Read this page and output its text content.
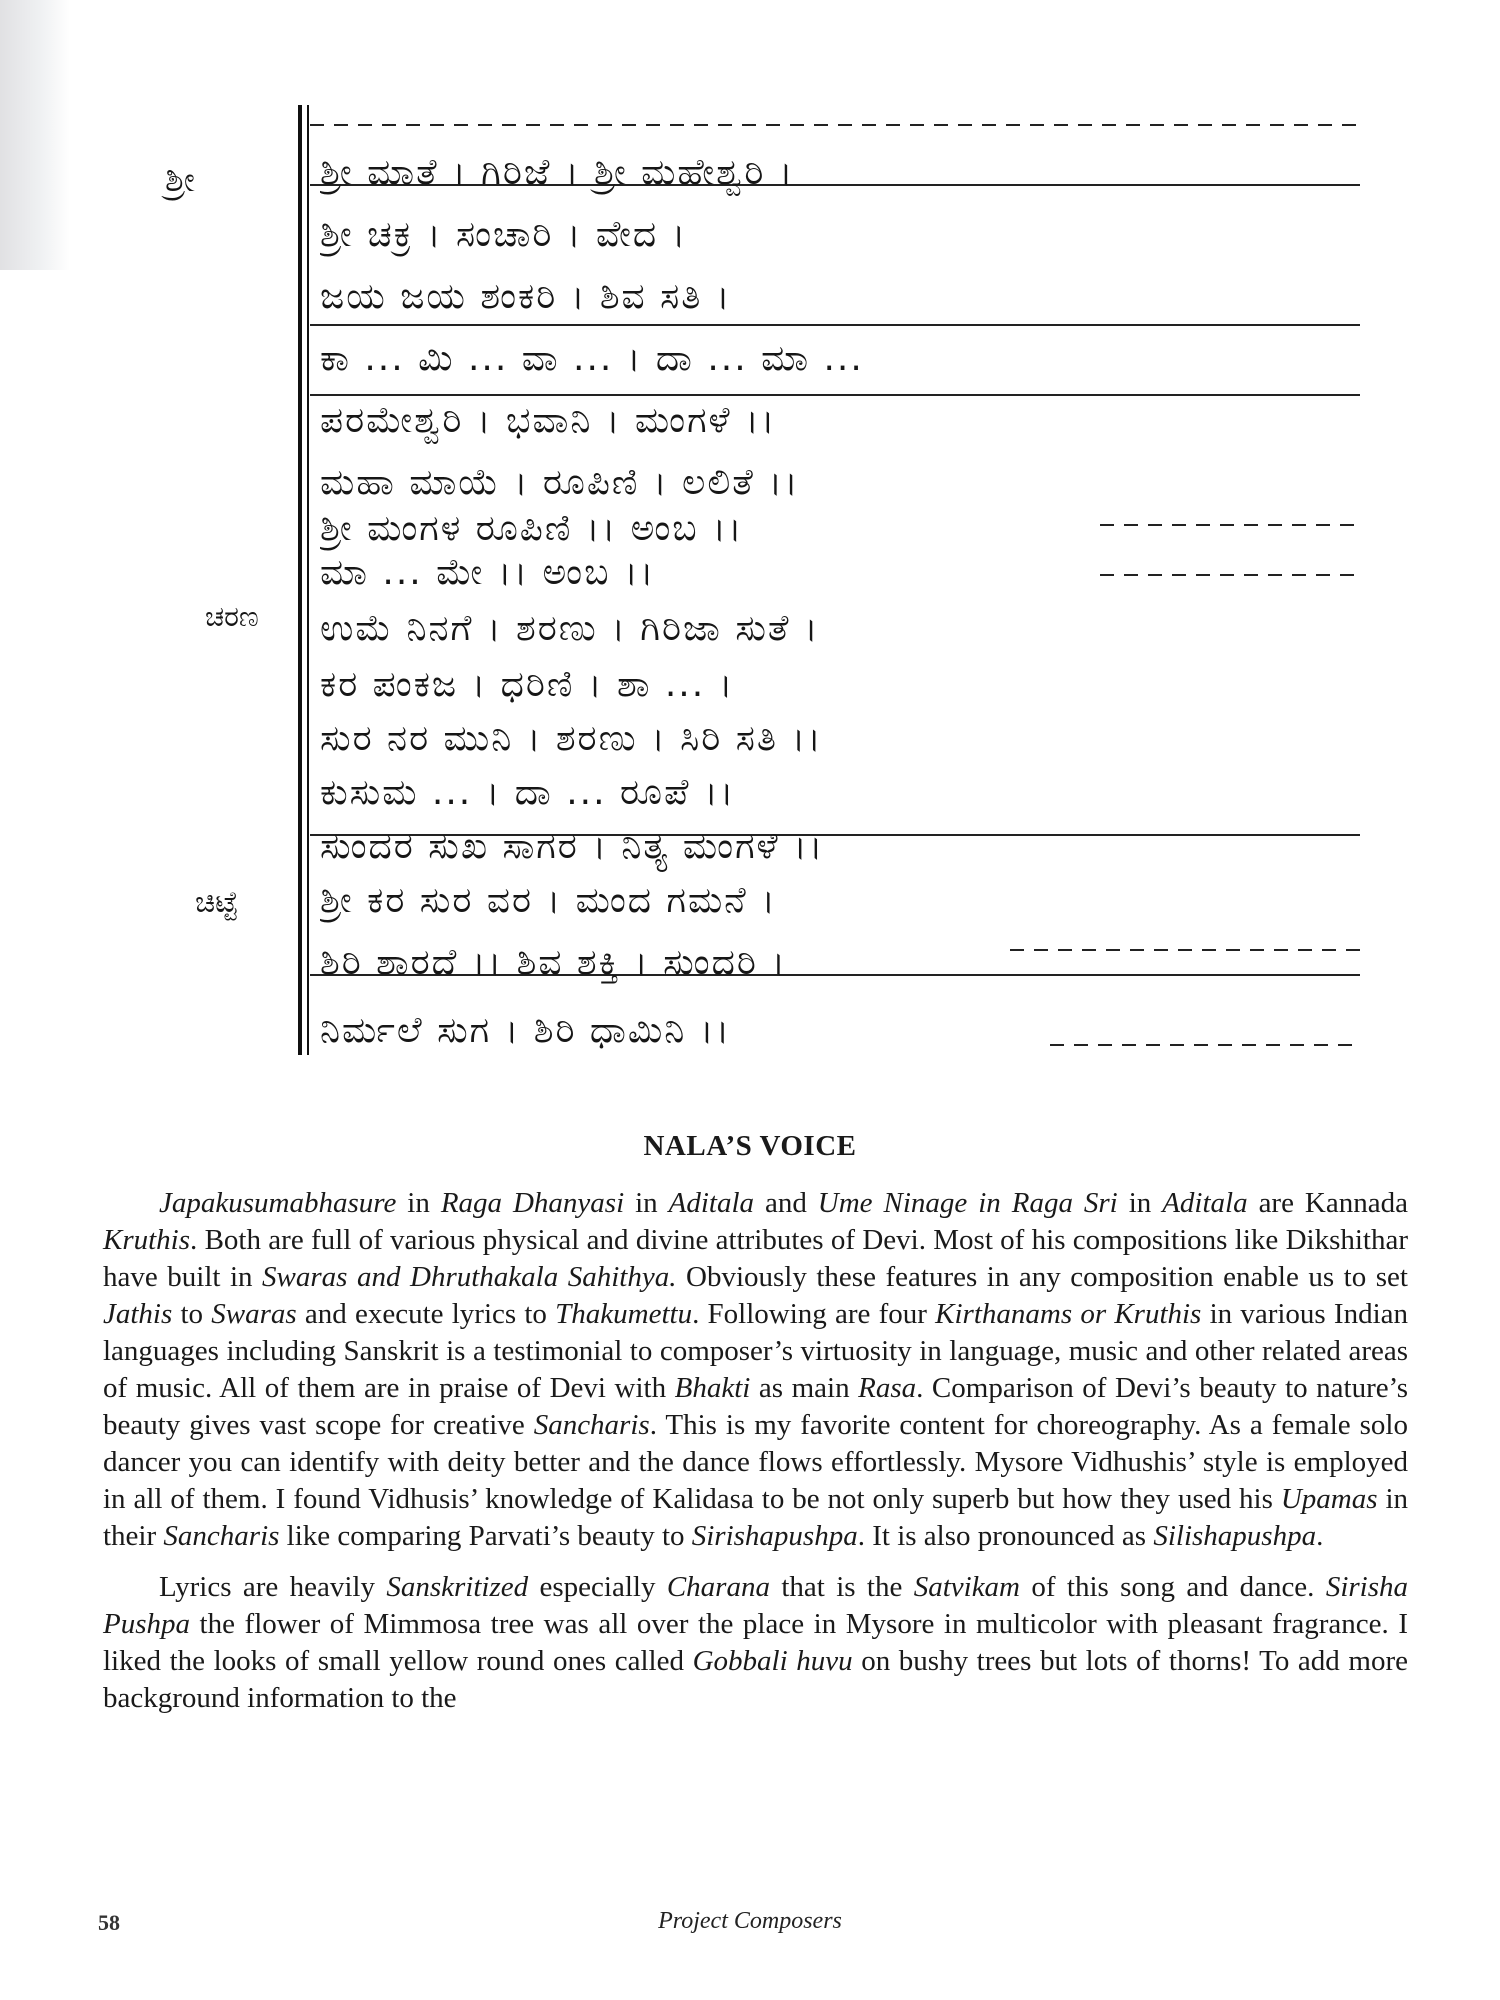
ಶ್ರೀ
ಚರಣ
ಚಿಟ್ಟೆ
ಶ್ರೀ ಮಾತೆ । ಗಿರಿಜೆ । ಶ್ರೀ ಮಹೇಶ್ವರಿ ।
ಶ್ರೀ ಚಕ್ರ । ಸಂಚಾರಿ । ವೇದ ।
ಜಯ ಜಯ ಶಂಕರಿ । ಶಿವ ಸತಿ ।
ಕಾ ... ಮಿ ... ವಾ ... । ದಾ ... ಮಾ ...
ಪರಮೇಶ್ವರಿ । ಭವಾನಿ । ಮಂಗಳೆ ।।
ಮಹಾ ಮಾಯೆ । ರೂಪಿಣಿ । ಲಲಿತೆ ।।
ಶ್ರೀ ಮಂಗಳ ರೂಪಿಣಿ ।। ಅಂಬ ।।
ಮಾ ... ಮೇ ।। ಅಂಬ ।।
ಉಮೆ ನಿನಗೆ । ಶರಣು । ಗಿರಿಜಾ ಸುತೆ ।
ಕರ ಪಂಕಜ । ಧರಿಣಿ । ಶಾ ... ।
ಸುರ ನರ ಮುನಿ । ಶರಣು । ಸಿರಿ ಸತಿ ।।
ಕುಸುಮ ... । ದಾ ... ರೂಪೆ ।।
ಸುಂದರ ಸುಖ ಸಾಗರ । ನಿತ್ಯ ಮಂಗಳೆ ।।
ಶ್ರೀ ಕರ ಸುರ ವರ । ಮಂದ ಗಮನೆ ।
ಶಿರಿ ಶಾರದೆ ।। ಶಿವ ಶಕ್ತಿ । ಸುಂದರಿ ।
ನಿರ್ಮಲೆ ಸುಗ । ಶಿರಿ ಧಾಮಿನಿ ।।
NALA’S VOICE

Japakusumabhasure in Raga Dhanyasi in Aditala and Ume Ninage in Raga Sri in Aditala are Kannada Kruthis. Both are full of various physical and divine attributes of Devi. Most of his compositions like Dikshithar have built in Swaras and Dhruthakala Sahithya. Obviously these features in any composition enable us to set Jathis to Swaras and execute lyrics to Thakumettu. Following are four Kirthanams or Kruthis in various Indian languages including Sanskrit is a testimonial to composer’s virtuosity in language, music and other related areas of music. All of them are in praise of Devi with Bhakti as main Rasa. Comparison of Devi’s beauty to nature’s beauty gives vast scope for creative Sancharis. This is my favorite content for choreography. As a female solo dancer you can identify with deity better and the dance flows effortlessly. Mysore Vidhushis’ style is employed in all of them. I found Vidhusis’ knowledge of Kalidasa to be not only superb but how they used his Upamas in their Sancharis like comparing Parvati’s beauty to Sirishapushpa. It is also pronounced as Silishapushpa.

Lyrics are heavily Sanskritized especially Charana that is the Satvikam of this song and dance. Sirisha Pushpa the flower of Mimmosa tree was all over the place in Mysore in multicolor with pleasant fragrance. I liked the looks of small yellow round ones called Gobbali huvu on bushy trees but lots of thorns! To add more background information to the

58	Project Composers
